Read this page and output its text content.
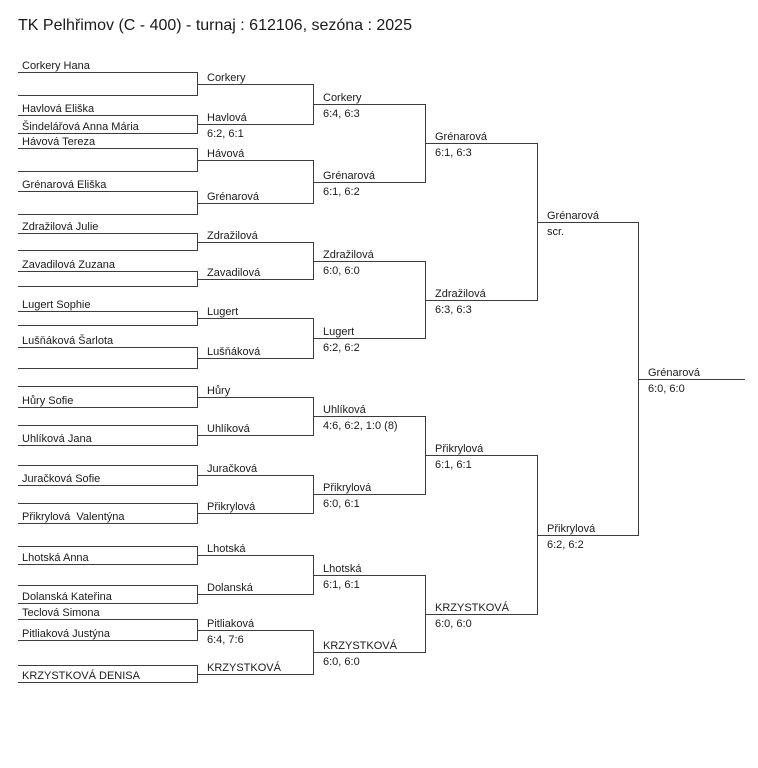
TK Pelhřimov (C - 400) - turnaj : 612106, sezóna : 2025
Corkery Hana
Havlová Eliška
Šindelářová Anna Mária
Hávová Tereza
Grénarová Eliška
Zdražilová Julie
Zavadilová Zuzana
Lugert Sophie
Lušňáková Šarlota
Hůry Sofie
Uhlíková Jana
Juračková Sofie
Přikrylová  Valentýna
Lhotská Anna
Dolanská Kateřina
Teclová Simona
Pitliaková Justýna
KRZYSTKOVÁ DENISA
Corkery
Havlová
6:2, 6:1
Hávová
Grénarová
Zdražilová
Zavadilová
Lugert
Lušňáková
Hůry
Uhlíková
Juračková
Přikrylová
Lhotská
Dolanská
Pitliaková
6:4, 7:6
KRZYSTKOVÁ
Corkery
6:4, 6:3
Grénarová
6:1, 6:2
Zdražilová
6:0, 6:0
Lugert
6:2, 6:2
Uhlíková
4:6, 6:2, 1:0 (8)
Přikrylová
6:0, 6:1
Lhotská
6:1, 6:1
KRZYSTKOVÁ
6:0, 6:0
Grénarová
6:1, 6:3
Zdražilová
6:3, 6:3
Přikrylová
6:1, 6:1
KRZYSTKOVÁ
6:0, 6:0
Grénarová
scr.
Přikrylová
6:2, 6:2
Grénarová
6:0, 6:0
